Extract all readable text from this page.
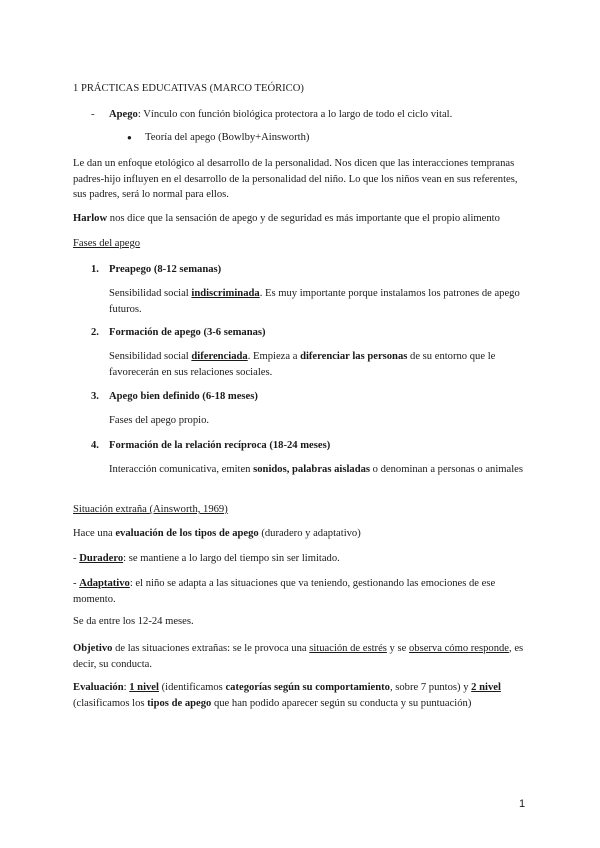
1 PRÁCTICAS EDUCATIVAS (MARCO TEÓRICO)

- Apego: Vínculo con función biológica protectora a lo largo de todo el ciclo vital.

● Teoría del apego (Bowlby+Ainsworth)

Le dan un enfoque etológico al desarrollo de la personalidad. Nos dicen que las interacciones tempranas padres-hijo influyen en el desarrollo de la personalidad del niño. Lo que los niños vean en sus referentes, sus padres, será lo normal para ellos.

Harlow nos dice que la sensación de apego y de seguridad es más importante que el propio alimento

Fases del apego

1. Preapego (8-12 semanas)

Sensibilidad social indiscriminada. Es muy importante porque instalamos los patrones de apego futuros.

2. Formación de apego (3-6 semanas)

Sensibilidad social diferenciada. Empieza a diferenciar las personas de su entorno que le favorecerán en sus relaciones sociales.

3. Apego bien definido (6-18 meses)

Fases del apego propio.

4. Formación de la relación recíproca (18-24 meses)

Interacción comunicativa, emiten sonidos, palabras aisladas o denominan a personas o animales

Situación extraña (Ainsworth, 1969)

Hace una evaluación de los tipos de apego (duradero y adaptativo)

- Duradero: se mantiene a lo largo del tiempo sin ser limitado.

- Adaptativo: el niño se adapta a las situaciones que va teniendo, gestionando las emociones de ese momento.

Se da entre los 12-24 meses.

Objetivo de las situaciones extrañas: se le provoca una situación de estrés y se observa cómo responde, es decir, su conducta.

Evaluación: 1 nivel (identificamos categorías según su comportamiento, sobre 7 puntos) y 2 nivel (clasificamos los tipos de apego que han podido aparecer según su conducta y su puntuación)

1
